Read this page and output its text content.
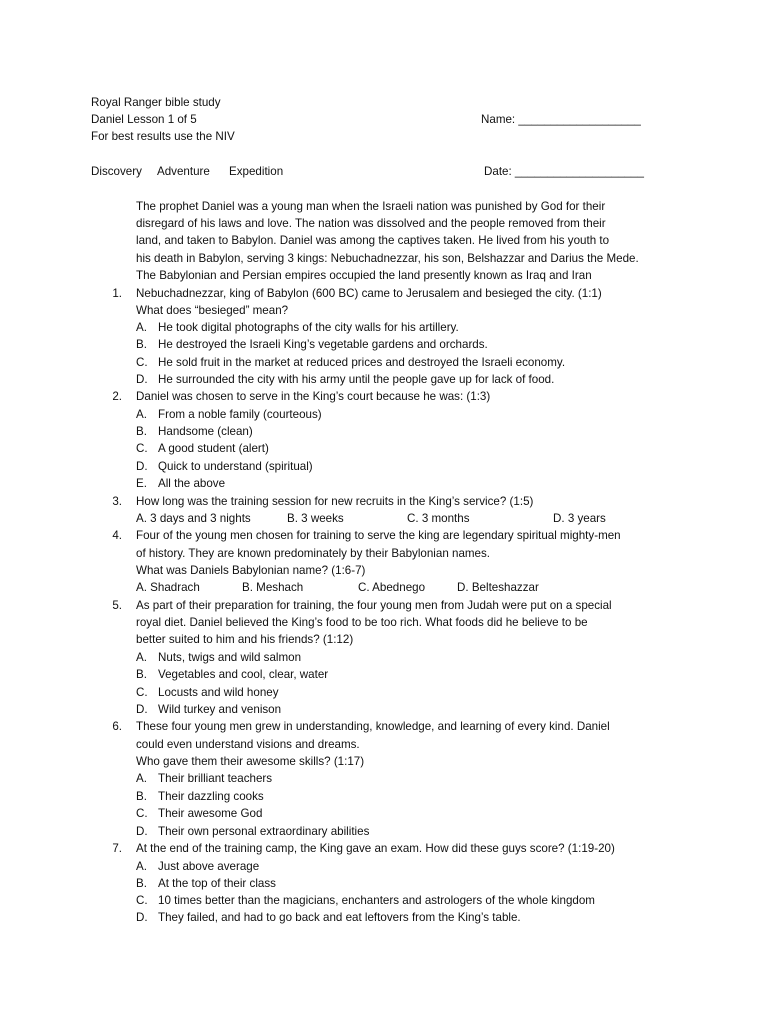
Royal Ranger bible study
Daniel Lesson 1 of 5
For best results use the NIV
Name: ___________________
Discovery Adventure Expedition	Date: ____________________
The prophet Daniel was a young man when the Israeli nation was punished by God for their
disregard of his laws and love. The nation was dissolved and the people removed from their
land, and taken to Babylon. Daniel was among the captives taken. He lived from his youth to
his death in Babylon, serving 3 kings: Nebuchadnezzar, his son, Belshazzar and Darius the Mede.
The Babylonian and Persian empires occupied the land presently known as Iraq and Iran
1. Nebuchadnezzar, king of Babylon (600 BC) came to Jerusalem and besieged the city. (1:1)
What does “besieged” mean?
A. He took digital photographs of the city walls for his artillery.
B. He destroyed the Israeli King’s vegetable gardens and orchards.
C. He sold fruit in the market at reduced prices and destroyed the Israeli economy.
D. He surrounded the city with his army until the people gave up for lack of food.
2. Daniel was chosen to serve in the King’s court because he was: (1:3)
A. From a noble family (courteous)
B. Handsome (clean)
C. A good student (alert)
D. Quick to understand (spiritual)
E. All the above
3. How long was the training session for new recruits in the King’s service? (1:5)
A. 3 days and 3 nights	B. 3 weeks	C. 3 months	D. 3 years
4. Four of the young men chosen for training to serve the king are legendary spiritual mighty-men
of history. They are known predominately by their Babylonian names.
What was Daniels Babylonian name? (1:6-7)
A. Shadrach	B. Meshach	C. Abednego	D. Belteshazzar
5. As part of their preparation for training, the four young men from Judah were put on a special
royal diet. Daniel believed the King’s food to be too rich. What foods did he believe to be
better suited to him and his friends? (1:12)
A. Nuts, twigs and wild salmon
B. Vegetables and cool, clear, water
C. Locusts and wild honey
D. Wild turkey and venison
6. These four young men grew in understanding, knowledge, and learning of every kind. Daniel
could even understand visions and dreams.
Who gave them their awesome skills? (1:17)
A. Their brilliant teachers
B. Their dazzling cooks
C. Their awesome God
D. Their own personal extraordinary abilities
7. At the end of the training camp, the King gave an exam. How did these guys score? (1:19-20)
A. Just above average
B. At the top of their class
C. 10 times better than the magicians, enchanters and astrologers of the whole kingdom
D. They failed, and had to go back and eat leftovers from the King’s table.
